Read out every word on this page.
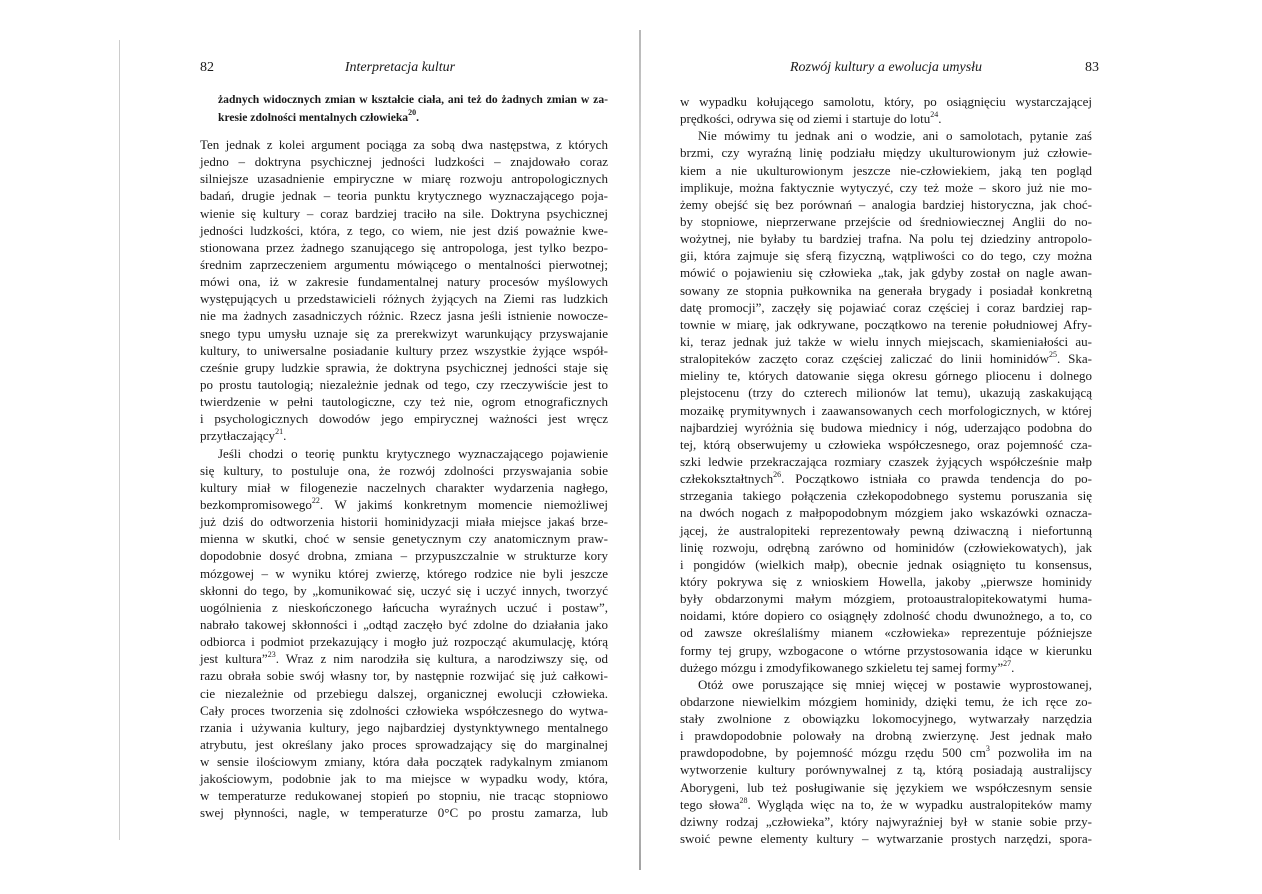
82	Interpretacja kultur
żadnych widocznych zmian w kształcie ciała, ani też do żadnych zmian w za-
kresie zdolności mentalnych człowieka$^{20}$.
Ten jednak z kolei argument pociąga za sobą dwa następstwa, z których
jedno – doktryna psychicznej jedności ludzkości – znajdowało coraz
silniejsze uzasadnienie empiryczne w miarę rozwoju antropologicznych
badań, drugie jednak – teoria punktu krytycznego wyznaczającego poja-
wienie się kultury – coraz bardziej traciło na sile. Doktryna psychicznej
jedności ludzkości, która, z tego, co wiem, nie jest dziś poważnie kwe-
stionowana przez żadnego szanującego się antropologa, jest tylko bezpo-
średnim zaprzeczeniem argumentu mówiącego o mentalności pierwotnej;
mówi ona, iż w zakresie fundamentalnej natury procesów myślowych
występujących u przedstawicieli różnych żyjących na Ziemi ras ludzkich
nie ma żadnych zasadniczych różnic. Rzecz jasna jeśli istnienie nowocze-
snego typu umysłu uznaje się za prerekwizyt warunkujący przyswajanie
kultury, to uniwersalne posiadanie kultury przez wszystkie żyjące współ-
cześnie grupy ludzkie sprawia, że doktryna psychicznej jedności staje się
po prostu tautologią; niezależnie jednak od tego, czy rzeczywiście jest to
twierdzenie w pełni tautologiczne, czy też nie, ogrom etnograficznych
i psychologicznych dowodów jego empirycznej ważności jest wręcz
przytłaczający$^{21}$.
Jeśli chodzi o teorię punktu krytycznego wyznaczającego pojawienie
się kultury, to postuluje ona, że rozwój zdolności przyswajania sobie
kultury miał w filogenezie naczelnych charakter wydarzenia nagłego,
bezkompromisowego$^{22}$. W jakimś konkretnym momencie niemożliwej
już dziś do odtworzenia historii hominidyzacji miała miejsce jakaś brze-
mienna w skutki, choć w sensie genetycznym czy anatomicznym praw-
dopodobnie dosyć drobna, zmiana – przypuszczalnie w strukturze kory
mózgowej – w wyniku której zwierzę, którego rodzice nie byli jeszcze
skłonni do tego, by „komunikować się, uczyć się i uczyć innych, tworzyć
uogólnienia z nieskończonego łańcucha wyraźnych uczuć i postaw”,
nabrało takowej skłonności i „odtąd zaczęło być zdolne do działania jako
odbiorca i podmiot przekazujący i mogło już rozpocząć akumulację, którą
jest kultura”$^{23}$. Wraz z nim narodziła się kultura, a narodziwszy się, od
razu obrała sobie swój własny tor, by następnie rozwijać się już całkowi-
cie niezależnie od przebiegu dalszej, organicznej ewolucji człowieka.
Cały proces tworzenia się zdolności człowieka współczesnego do wytwa-
rzania i używania kultury, jego najbardziej dystynktywnego mentalnego
atrybutu, jest określany jako proces sprowadzający się do marginalnej
w sensie ilościowym zmiany, która dała początek radykalnym zmianom
jakościowym, podobnie jak to ma miejsce w wypadku wody, która,
w temperaturze redukowanej stopień po stopniu, nie tracąc stopniowo
swej płynności, nagle, w temperaturze 0°C po prostu zamarza, lub
Rozwój kultury a ewolucja umysłu	83
w wypadku kołującego samolotu, który, po osiągnięciu wystarczającej
prędkości, odrywa się od ziemi i startuje do lotu$^{24}$.
Nie mówimy tu jednak ani o wodzie, ani o samolotach, pytanie zaś
brzmi, czy wyraźną linię podziału między ukulturowionym już człowie-
kiem a nie ukulturowionym jeszcze nie-człowiekiem, jaką ten pogląd
implikuje, można faktycznie wytyczyć, czy też może – skoro już nie mo-
żemy obejść się bez porównań – analogia bardziej historyczna, jak choć-
by stopniowe, nieprzerwane przejście od średniowiecznej Anglii do no-
wożytnej, nie byłaby tu bardziej trafna. Na polu tej dziedziny antropolo-
gii, która zajmuje się sferą fizyczną, wątpliwości co do tego, czy można
mówić o pojawieniu się człowieka „tak, jak gdyby został on nagle awan-
sowany ze stopnia pułkownika na generała brygady i posiadał konkretną
datę promocji”, zaczęły się pojawiać coraz częściej i coraz bardziej rap-
townie w miarę, jak odkrywane, początkowo na terenie południowej Afry-
ki, teraz jednak już także w wielu innych miejscach, skamieniałości au-
stralopiteków zaczęto coraz częściej zaliczać do linii hominidów$^{25}$. Ska-
mieliny te, których datowanie sięga okresu górnego pliocenu i dolnego
plejstocenu (trzy do czterech milionów lat temu), ukazują zaskakującą
mozaikę prymitywnych i zaawansowanych cech morfologicznych, w której
najbardziej wyróżnia się budowa miednicy i nóg, uderzająco podobna do
tej, którą obserwujemy u człowieka współczesnego, oraz pojemność cza-
szki ledwie przekraczająca rozmiary czaszek żyjących współcześnie małp
człekokształtnych$^{26}$. Początkowo istniała co prawda tendencja do po-
strzegania takiego połączenia człekopodobnego systemu poruszania się
na dwóch nogach z małpopodobnym mózgiem jako wskazówki oznacza-
jącej, że australopiteki reprezentowały pewną dziwaczną i niefortunną
linię rozwoju, odrębną zarówno od hominidów (człowiekowatych), jak
i pongidów (wielkich małp), obecnie jednak osiągnięto tu konsensus,
który pokrywa się z wnioskiem Howella, jakoby „pierwsze hominidy
były obdarzonymi małym mózgiem, protoaustralopitekowatymi huma-
noidami, które dopiero co osiągnęły zdolność chodu dwunożnego, a to, co
od zawsze określaliśmy mianem «człowieka» reprezentuje późniejsze
formy tej grupy, wzbogacone o wtórne przystosowania idące w kierunku
dużego mózgu i zmodyfikowanego szkieletu tej samej formy”$^{27}$.
Otóż owe poruszające się mniej więcej w postawie wyprostowanej,
obdarzone niewielkim mózgiem hominidy, dzięki temu, że ich ręce zo-
stały zwolnione z obowiązku lokomocyjnego, wytwarzały narzędzia
i prawdopodobnie polowały na drobną zwierzynę. Jest jednak mało
prawdopodobne, by pojemność mózgu rzędu 500 $cm^3$ pozwoliła im na
wytworzenie kultury porównywalnej z tą, którą posiadają australijscy
Aborygeni, lub też posługiwanie się językiem we współczesnym sensie
tego słowa$^{28}$. Wygląda więc na to, że w wypadku australopiteków mamy
dziwny rodzaj „człowieka”, który najwyraźniej był w stanie sobie przy-
swoić pewne elementy kultury – wytwarzanie prostych narzędzi, spora-
